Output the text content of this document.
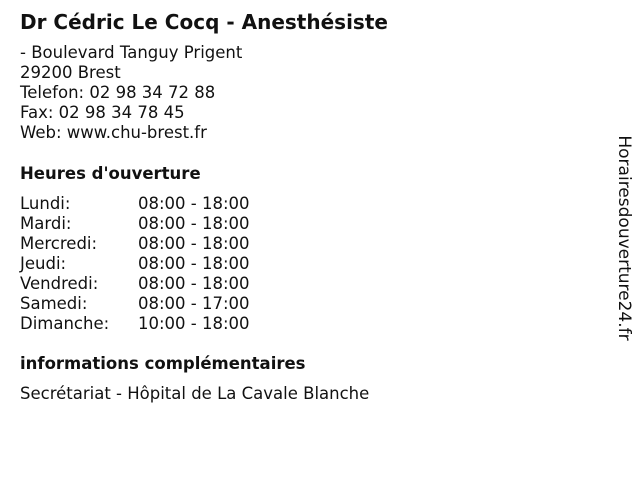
Dr Cédric Le Cocq - Anesthésiste
- Boulevard Tanguy Prigent
29200 Brest
Telefon: 02 98 34 72 88
Fax: 02 98 34 78 45
Web: www.chu-brest.fr
Heures d'ouverture
Lundi:	08:00 - 18:00
Mardi:	08:00 - 18:00
Mercredi: 08:00 - 18:00
Jeudi:	08:00 - 18:00
Vendredi: 08:00 - 18:00
Samedi:	08:00 - 17:00
Dimanche: 10:00 - 18:00
informations complémentaires
Secrétariat - Hôpital de La Cavale Blanche
Horairesdouverture24.fr
